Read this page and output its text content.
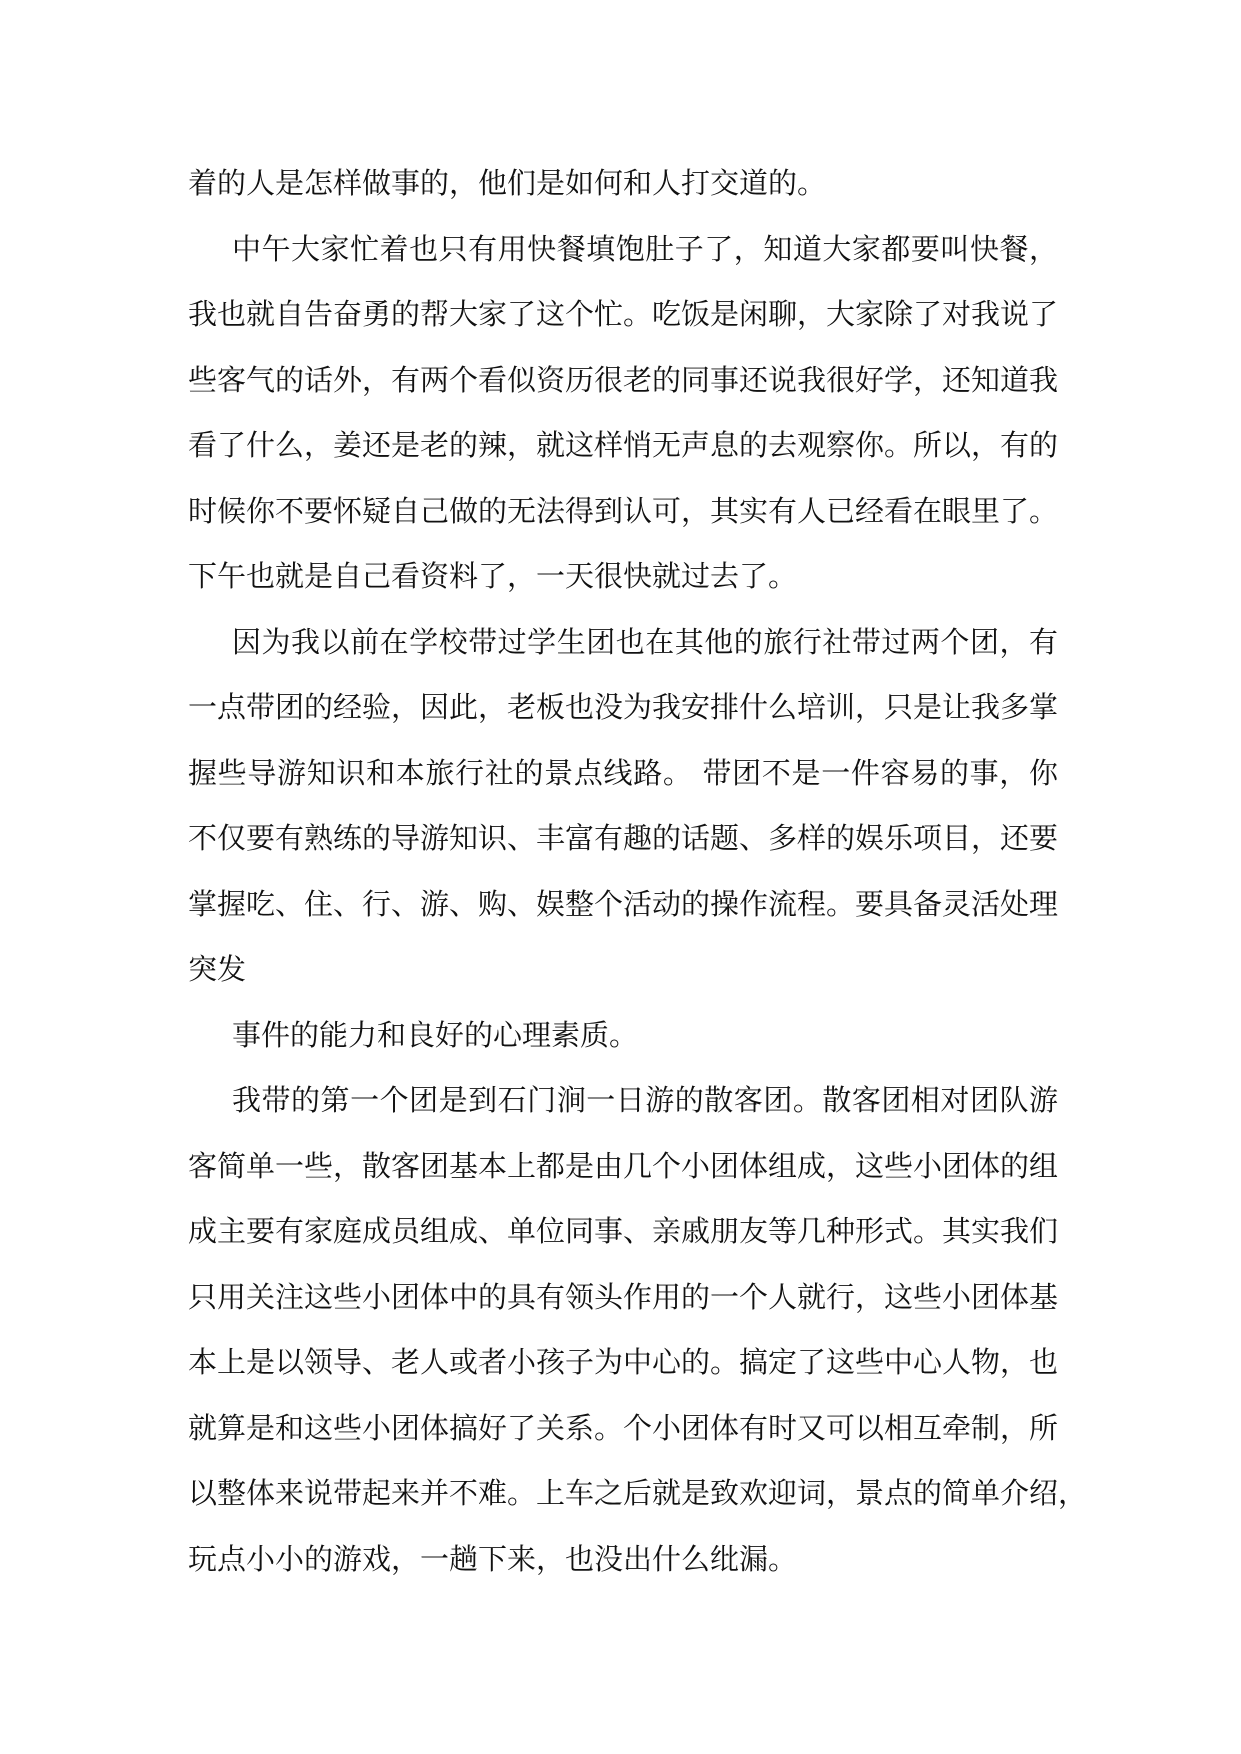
着的人是怎样做事的，他们是如何和人打交道的。
中午大家忙着也只有用快餐填饱肚子了，知道大家都要叫快餐，
我也就自告奋勇的帮大家了这个忙。吃饭是闲聊，大家除了对我说了
些客气的话外，有两个看似资历很老的同事还说我很好学，还知道我
看了什么，姜还是老的辣，就这样悄无声息的去观察你。所以，有的
时候你不要怀疑自己做的无法得到认可，其实有人已经看在眼里了。
下午也就是自己看资料了，一天很快就过去了。
因为我以前在学校带过学生团也在其他的旅行社带过两个团，有
一点带团的经验，因此，老板也没为我安排什么培训，只是让我多掌
握些导游知识和本旅行社的景点线路。 带团不是一件容易的事，你
不仅要有熟练的导游知识、丰富有趣的话题、多样的娱乐项目，还要
掌握吃、住、行、游、购、娱整个活动的操作流程。要具备灵活处理
突发
事件的能力和良好的心理素质。
我带的第一个团是到石门涧一日游的散客团。散客团相对团队游
客简单一些，散客团基本上都是由几个小团体组成，这些小团体的组
成主要有家庭成员组成、单位同事、亲戚朋友等几种形式。其实我们
只用关注这些小团体中的具有领头作用的一个人就行，这些小团体基
本上是以领导、老人或者小孩子为中心的。搞定了这些中心人物，也
就算是和这些小团体搞好了关系。个小团体有时又可以相互牵制，所
以整体来说带起来并不难。上车之后就是致欢迎词，景点的简单介绍，
玩点小小的游戏，一趟下来，也没出什么纰漏。
